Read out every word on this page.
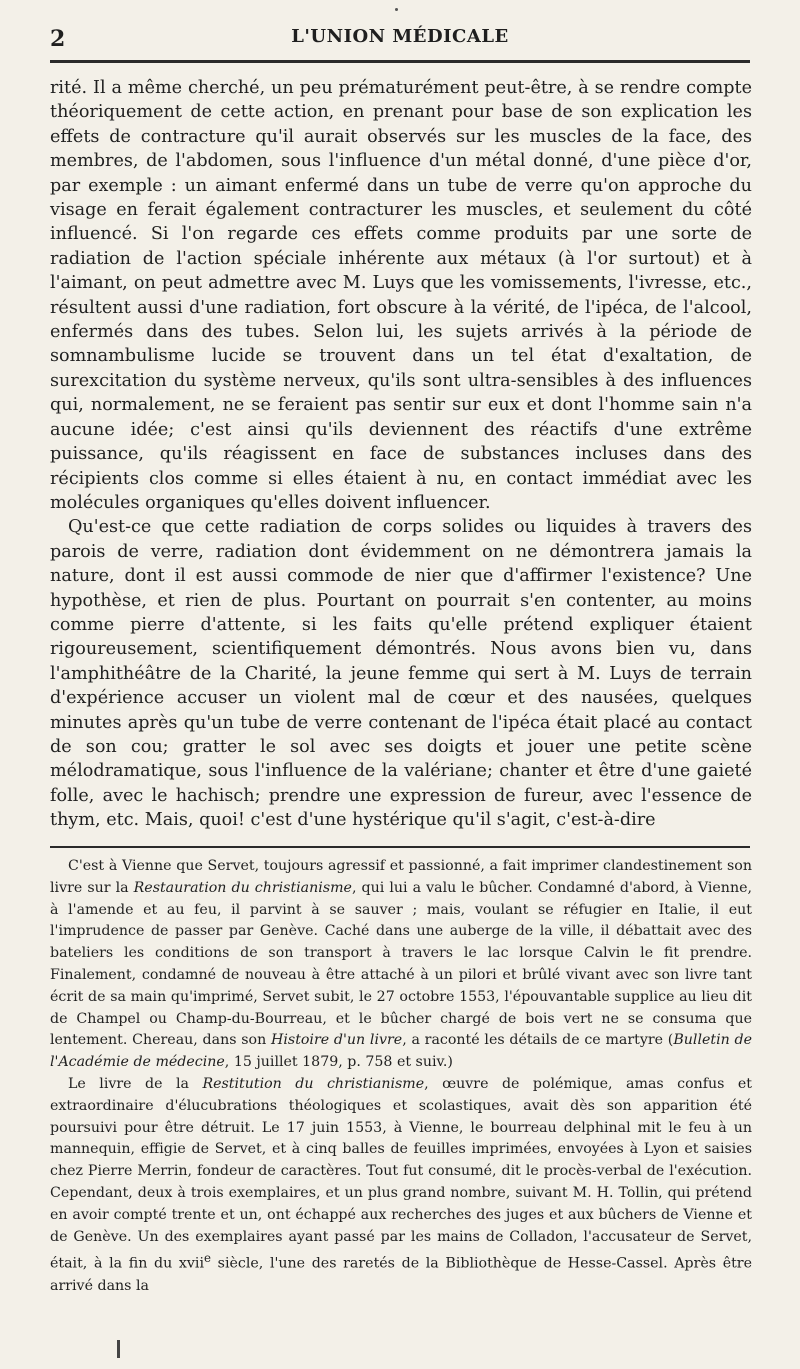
2	L'UNION MÉDICALE

rité. Il a même cherché, un peu prématurément peut-être, à se rendre compte théoriquement de cette action, en prenant pour base de son explication les effets de contracture qu'il aurait observés sur les muscles de la face, des membres, de l'abdomen, sous l'influence d'un métal donné, d'une pièce d'or, par exemple : un aimant enfermé dans un tube de verre qu'on approche du visage en ferait également contracturer les muscles, et seulement du côté influencé. Si l'on regarde ces effets comme produits par une sorte de radiation de l'action spéciale inhérente aux métaux (à l'or surtout) et à l'aimant, on peut admettre avec M. Luys que les vomissements, l'ivresse, etc., résultent aussi d'une radiation, fort obscure à la vérité, de l'ipéca, de l'alcool, enfermés dans des tubes. Selon lui, les sujets arrivés à la période de somnambulisme lucide se trouvent dans un tel état d'exaltation, de surexcitation du système nerveux, qu'ils sont ultra-sensibles à des influences qui, normalement, ne se feraient pas sentir sur eux et dont l'homme sain n'a aucune idée; c'est ainsi qu'ils deviennent des réactifs d'une extrême puissance, qu'ils réagissent en face de substances incluses dans des récipients clos comme si elles étaient à nu, en contact immédiat avec les molécules organiques qu'elles doivent influencer.

Qu'est-ce que cette radiation de corps solides ou liquides à travers des parois de verre, radiation dont évidemment on ne démontrera jamais la nature, dont il est aussi commode de nier que d'affirmer l'existence? Une hypothèse, et rien de plus. Pourtant on pourrait s'en contenter, au moins comme pierre d'attente, si les faits qu'elle prétend expliquer étaient rigoureusement, scientifiquement démontrés. Nous avons bien vu, dans l'amphithéâtre de la Charité, la jeune femme qui sert à M. Luys de terrain d'expérience accuser un violent mal de cœur et des nausées, quelques minutes après qu'un tube de verre contenant de l'ipéca était placé au contact de son cou; gratter le sol avec ses doigts et jouer une petite scène mélodramatique, sous l'influence de la valériane; chanter et être d'une gaieté folle, avec le hachisch; prendre une expression de fureur, avec l'essence de thym, etc. Mais, quoi! c'est d'une hystérique qu'il s'agit, c'est-à-dire

C'est à Vienne que Servet, toujours agressif et passionné, a fait imprimer clandestinement son livre sur la Restauration du christianisme, qui lui a valu le bûcher. Condamné d'abord, à Vienne, à l'amende et au feu, il parvint à se sauver ; mais, voulant se réfugier en Italie, il eut l'imprudence de passer par Genève. Caché dans une auberge de la ville, il débattait avec des bateliers les conditions de son transport à travers le lac lorsque Calvin le fit prendre. Finalement, condamné de nouveau à être attaché à un pilori et brûlé vivant avec son livre tant écrit de sa main qu'imprimé, Servet subit, le 27 octobre 1553, l'épouvantable supplice au lieu dit de Champel ou Champ-du-Bourreau, et le bûcher chargé de bois vert ne se consuma que lentement. Chereau, dans son Histoire d'un livre, a raconté les détails de ce martyre (Bulletin de l'Académie de médecine, 15 juillet 1879, p. 758 et suiv.)

Le livre de la Restitution du christianisme, œuvre de polémique, amas confus et extraordinaire d'élucubrations théologiques et scolastiques, avait dès son apparition été poursuivi pour être détruit. Le 17 juin 1553, à Vienne, le bourreau delphinal mit le feu à un mannequin, effigie de Servet, et à cinq balles de feuilles imprimées, envoyées à Lyon et saisies chez Pierre Merrin, fondeur de caractères. Tout fut consumé, dit le procès-verbal de l'exécution. Cependant, deux à trois exemplaires, et un plus grand nombre, suivant M. H. Tollin, qui prétend en avoir compté trente et un, ont échappé aux recherches des juges et aux bûchers de Vienne et de Genève. Un des exemplaires ayant passé par les mains de Colladon, l'accusateur de Servet, était, à la fin du xvii$^e$ siècle, l'une des raretés de la Bibliothèque de Hesse-Cassel. Après être arrivé dans la
